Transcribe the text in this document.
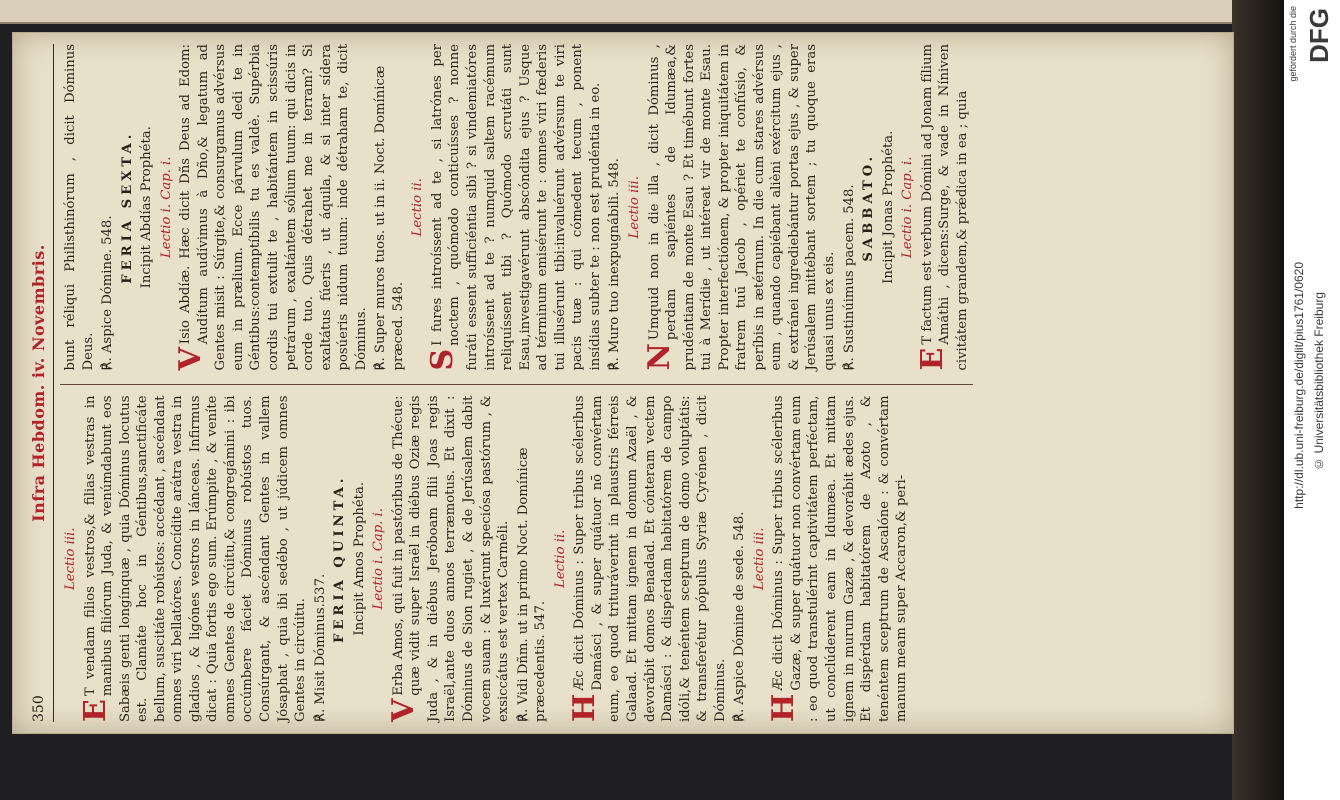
350
Infra Hebdom. iv. Novembris.
Lectio iii.
E
T vendam filios vestros,& filias vestras in manibus filiórum Juda, & venúmdabunt eos Sabæis genti longínquæ , quia Dóminus locutus est. Clamáte hoc in Géntibus,sanctificáte bellum, suscitáte robústos: accédant , ascéndant omnes viri bellatóres. Concídite arátra vestra in gladios , & ligónes vestros in lánceas. Infirmus dicat : Quia fortis ego sum. Erúmpite , & veníte omnes Gentes de circúitu,& congregámini : ibi occúmbere fáciet Dóminus robústos tuos. Consúrgant, & ascéndant Gentes in vallem Jósaphat , quia ibi sedébo , ut júdicem omnes Gentes in circúitu. ℟. Misit Dóminus.537.
FERIA QUINTA. Incipit Amos Prophéta. Lectio i. Cap. i.
V
Erba Amos, qui fuit in pastóribus de Thécue: quæ vidit super Israël in diébus Oziæ regis Juda , & in diébus Jeróboam filii Joas regis Israël,ante duos annos terræmotus. Et dixit : Dóminus de Sion rugiet , & de Jerúsalem dabit vocem suam : & luxérunt speciósa pastórum , & exsiccátus est vertex Carméli. ℟. Vidi Dñm. ut in primo Noct. Domínicæ præcedentis. 547.
Lectio ii.
H
Æc dicit Dóminus : Super tribus scéleribus Damásci , & super quátuor nō convértam eum, eo quod trituráverint in plaustris férreis Galaad. Et mittam ignem in domum Azaël , & devorábit domos Benadad. Et cónteram vectem Damásci : & dispérdam habitatórem de campo idóli,& tenéntem sceptrum de domo voluptátis: & transferétur pópulus Syriæ Cyrénen , dicit Dóminus. ℟. Aspice Dómine de sede. 548. Lectio iii.
H
Æc dicit Dóminus : Super tribus scéleribus Gazæ, & super quátuor non convértam eum : eo quod transtulérint captivitátem perféctam, ut conclúderent eam in Idumæa. Et mittam ignem in murum Gazæ , & devorábit ædes ejus. Et dispérdam habitatórem de Azoto , & tenéntem sceptrum de Ascalóne : & convértam manum meam super Accaron,& peri-
bunt réliqui Philisthinórum , dicit Dóminus Deus. ℟. Aspice Dómine. 548.
FERIA SEXTA. Incipit Abdías Prophéta. Lectio i. Cap. i.
V
Isio Abdíæ. Hæc dicit Dñs Deus ad Edom: Audítum audívimus à Dño,& legatum ad Gentes misit : Súrgite,& consurgamus advérsus eum in prælium. Ecce párvulum dedi te in Géntibus:contemptíbilis tu es valdè. Supérbia cordis tui extulit te , habitántem in scissúris petrárum , exaltántem sólium tuum: qui dicis in corde tuo. Quis détrahet me in terram? Si exaltátus fúeris , ut áquila, & si inter sídera posúeris nidum tuum: inde détraham te, dicit Dóminus. ℟. Super muros tuos. ut in ii. Noct. Domínicæ præced. 548.
Lectio ii.
S
I fures introíssent ad te , si latrónes per noctem , quómodo conticuísses ? nonne furáti essent sufficiéntia sibi ? si vindemiatóres introíssent ad te ? numquid saltem racémum reliquíssent tibi ? Quómodo scrutáti sunt Esau,investigavérunt abscóndita ejus ? Usque ad términum emisérunt te : omnes viri fœderis tui illusérunt tibi:invaluérunt advérsum te viri pacis tuæ : qui cómedent tecum , ponent insídias subter te : non est prudéntia in eo. ℟. Muro tuo inexpugnábili. 548. Lectio iii.
N
Umquid non in die illa , dicit Dóminus , perdam sapiéntes de Idumæa,& prudéntiam de monte Esau ? Et timébunt fortes tui à Merídie , ut intéreat vir de monte Esau. Propter interfectiónem, & propter iniquitátem in fratrem tuū Jacob , opériet te confúsio, & períbis in ætérnum. In die cum stares advérsus eum , quando capiébant alièni exércitum ejus , & extránei ingrediebántur portas ejus , & super Jerúsalem mittébant sortem ; tu quoque eras quasi unus ex eis. ℟. Sustinúimus pacem. 548. SABBATO. Incipit Jonas Prophéta. Lectio i. Cap. i.
E
T factum est verbum Dómini ad Jonam fílium Amáthi , dicens:Surge, & vade in Níniven civitátem grandem,& prǽdica in ea ; quia
gefördert durch die DFG
http://dl.ub.uni-freiburg.de/diglit/pius1761/0620 © Universitätsbibliothek Freiburg
